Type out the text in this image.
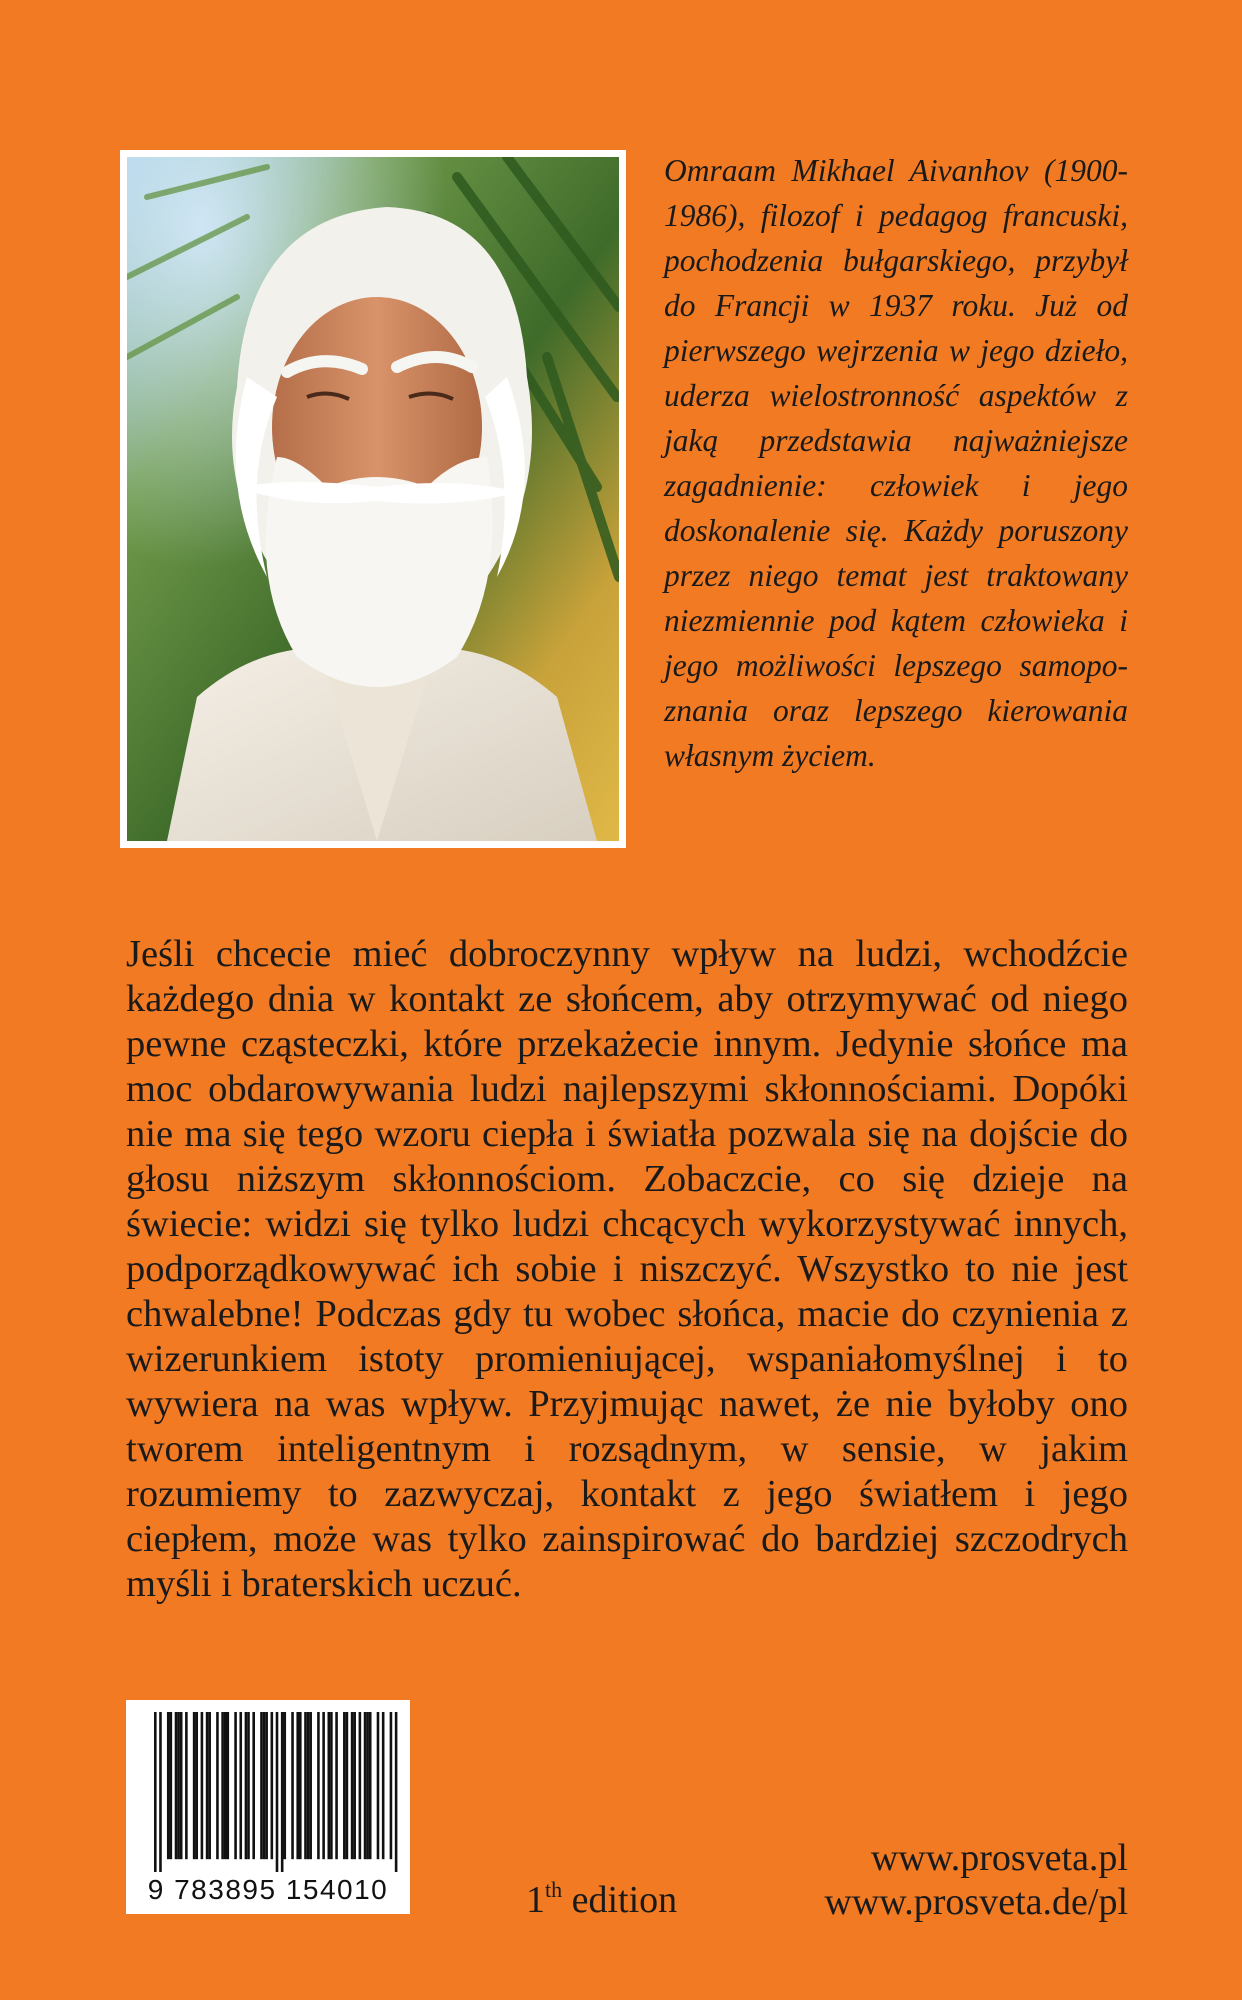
Omraam Mikhael Aivanhov (1900-1986), filozof i pedagog francuski, pochodzenia bułgarskiego, przybył do Francji w 1937 roku. Już od pierwszego wejrzenia w jego dzieło, uderza wielostronność aspektów z jaką przedstawia najważniejsze zagadnienie: człowiek i jego doskonalenie się. Każdy poruszony przez niego temat jest traktowany niezmiennie pod kątem człowieka i jego możliwości lepszego samopoznania oraz lepszego kierowania własnym życiem.

Jeśli chcecie mieć dobroczynny wpływ na ludzi, wchodźcie każdego dnia w kontakt ze słońcem, aby otrzymywać od niego pewne cząsteczki, które przekażecie innym. Jedynie słońce ma moc obdarowywania ludzi najlepszymi skłonnościami. Dopóki nie ma się tego wzoru ciepła i światła pozwala się na dojście do głosu niższym skłonnościom. Zobaczcie, co się dzieje na świecie: widzi się tylko ludzi chcących wykorzystywać innych, podporządkowywać ich sobie i niszczyć. Wszystko to nie jest chwalebne! Podczas gdy tu wobec słońca, macie do czynienia z wizerunkiem istoty promieniującej, wspaniałomyślnej i to wywiera na was wpływ. Przyjmując nawet, że nie byłoby ono tworem inteligentnym i rozsądnym, w sensie, w jakim rozumiemy to zazwyczaj, kontakt z jego światłem i jego ciepłem, może was tylko zainspirować do bardziej szczodrych myśli i braterskich uczuć.

9 783895 154010	1th edition
www.prosveta.pl
www.prosveta.de/pl
